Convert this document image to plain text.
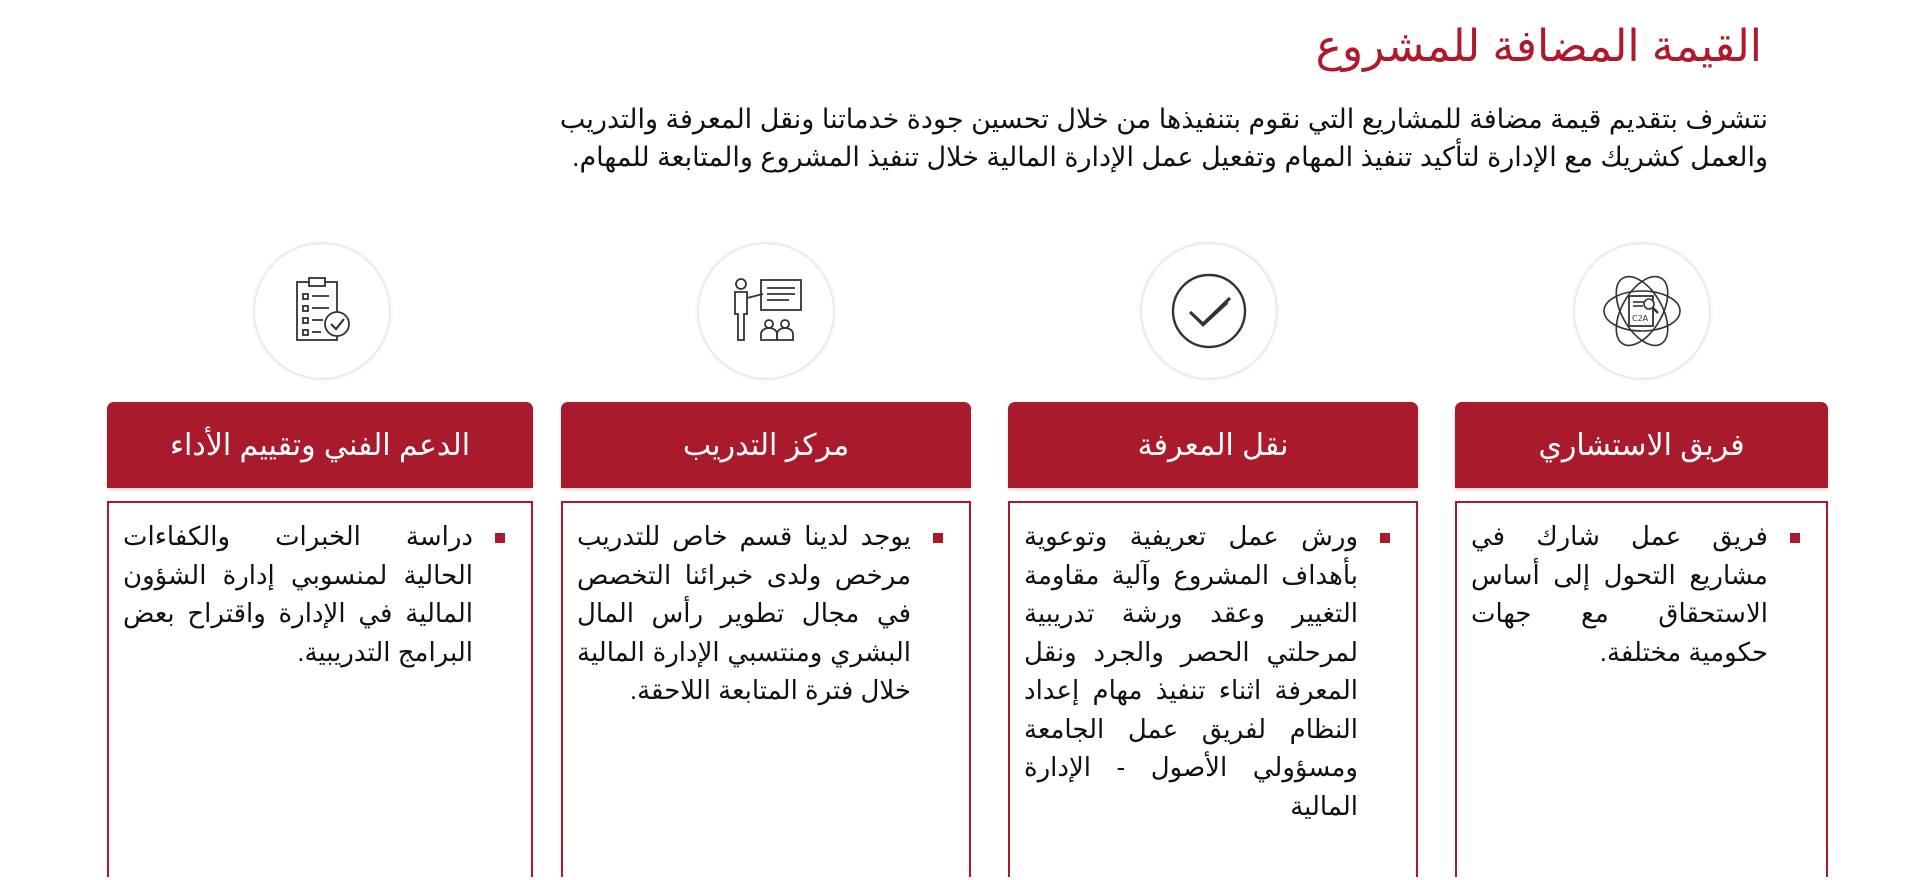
القيمة المضافة للمشروع

نتشرف بتقديم قيمة مضافة للمشاريع التي نقوم بتنفيذها من خلال تحسين جودة خدماتنا ونقل المعرفة والتدريب

والعمل كشريك مع الإدارة لتأكيد تنفيذ المهام وتفعيل عمل الإدارة المالية خلال تنفيذ المشروع والمتابعة للمهام.

C2A
فريق الاستشاري
نقل المعرفة
مركز التدريب
الدعم الفني وتقييم الأداء
فريق عمل شارك في مشاريع التحول إلى أساس الاستحقاق مع جهات حكومية مختلفة.
ورش عمل تعريفية وتوعوية بأهداف المشروع وآلية مقاومة التغيير وعقد ورشة تدريبية لمرحلتي الحصر والجرد ونقل المعرفة اثناء تنفيذ مهام إعداد النظام لفريق عمل الجامعة ومسؤولي الأصول - الإدارة المالية
يوجد لدينا قسم خاص للتدريب مرخص ولدى خبرائنا التخصص في مجال تطوير رأس المال البشري ومنتسبي الإدارة المالية خلال فترة المتابعة اللاحقة.
دراسة الخبرات والكفاءات الحالية لمنسوبي إدارة الشؤون المالية في الإدارة واقتراح بعض البرامج التدريبية.
